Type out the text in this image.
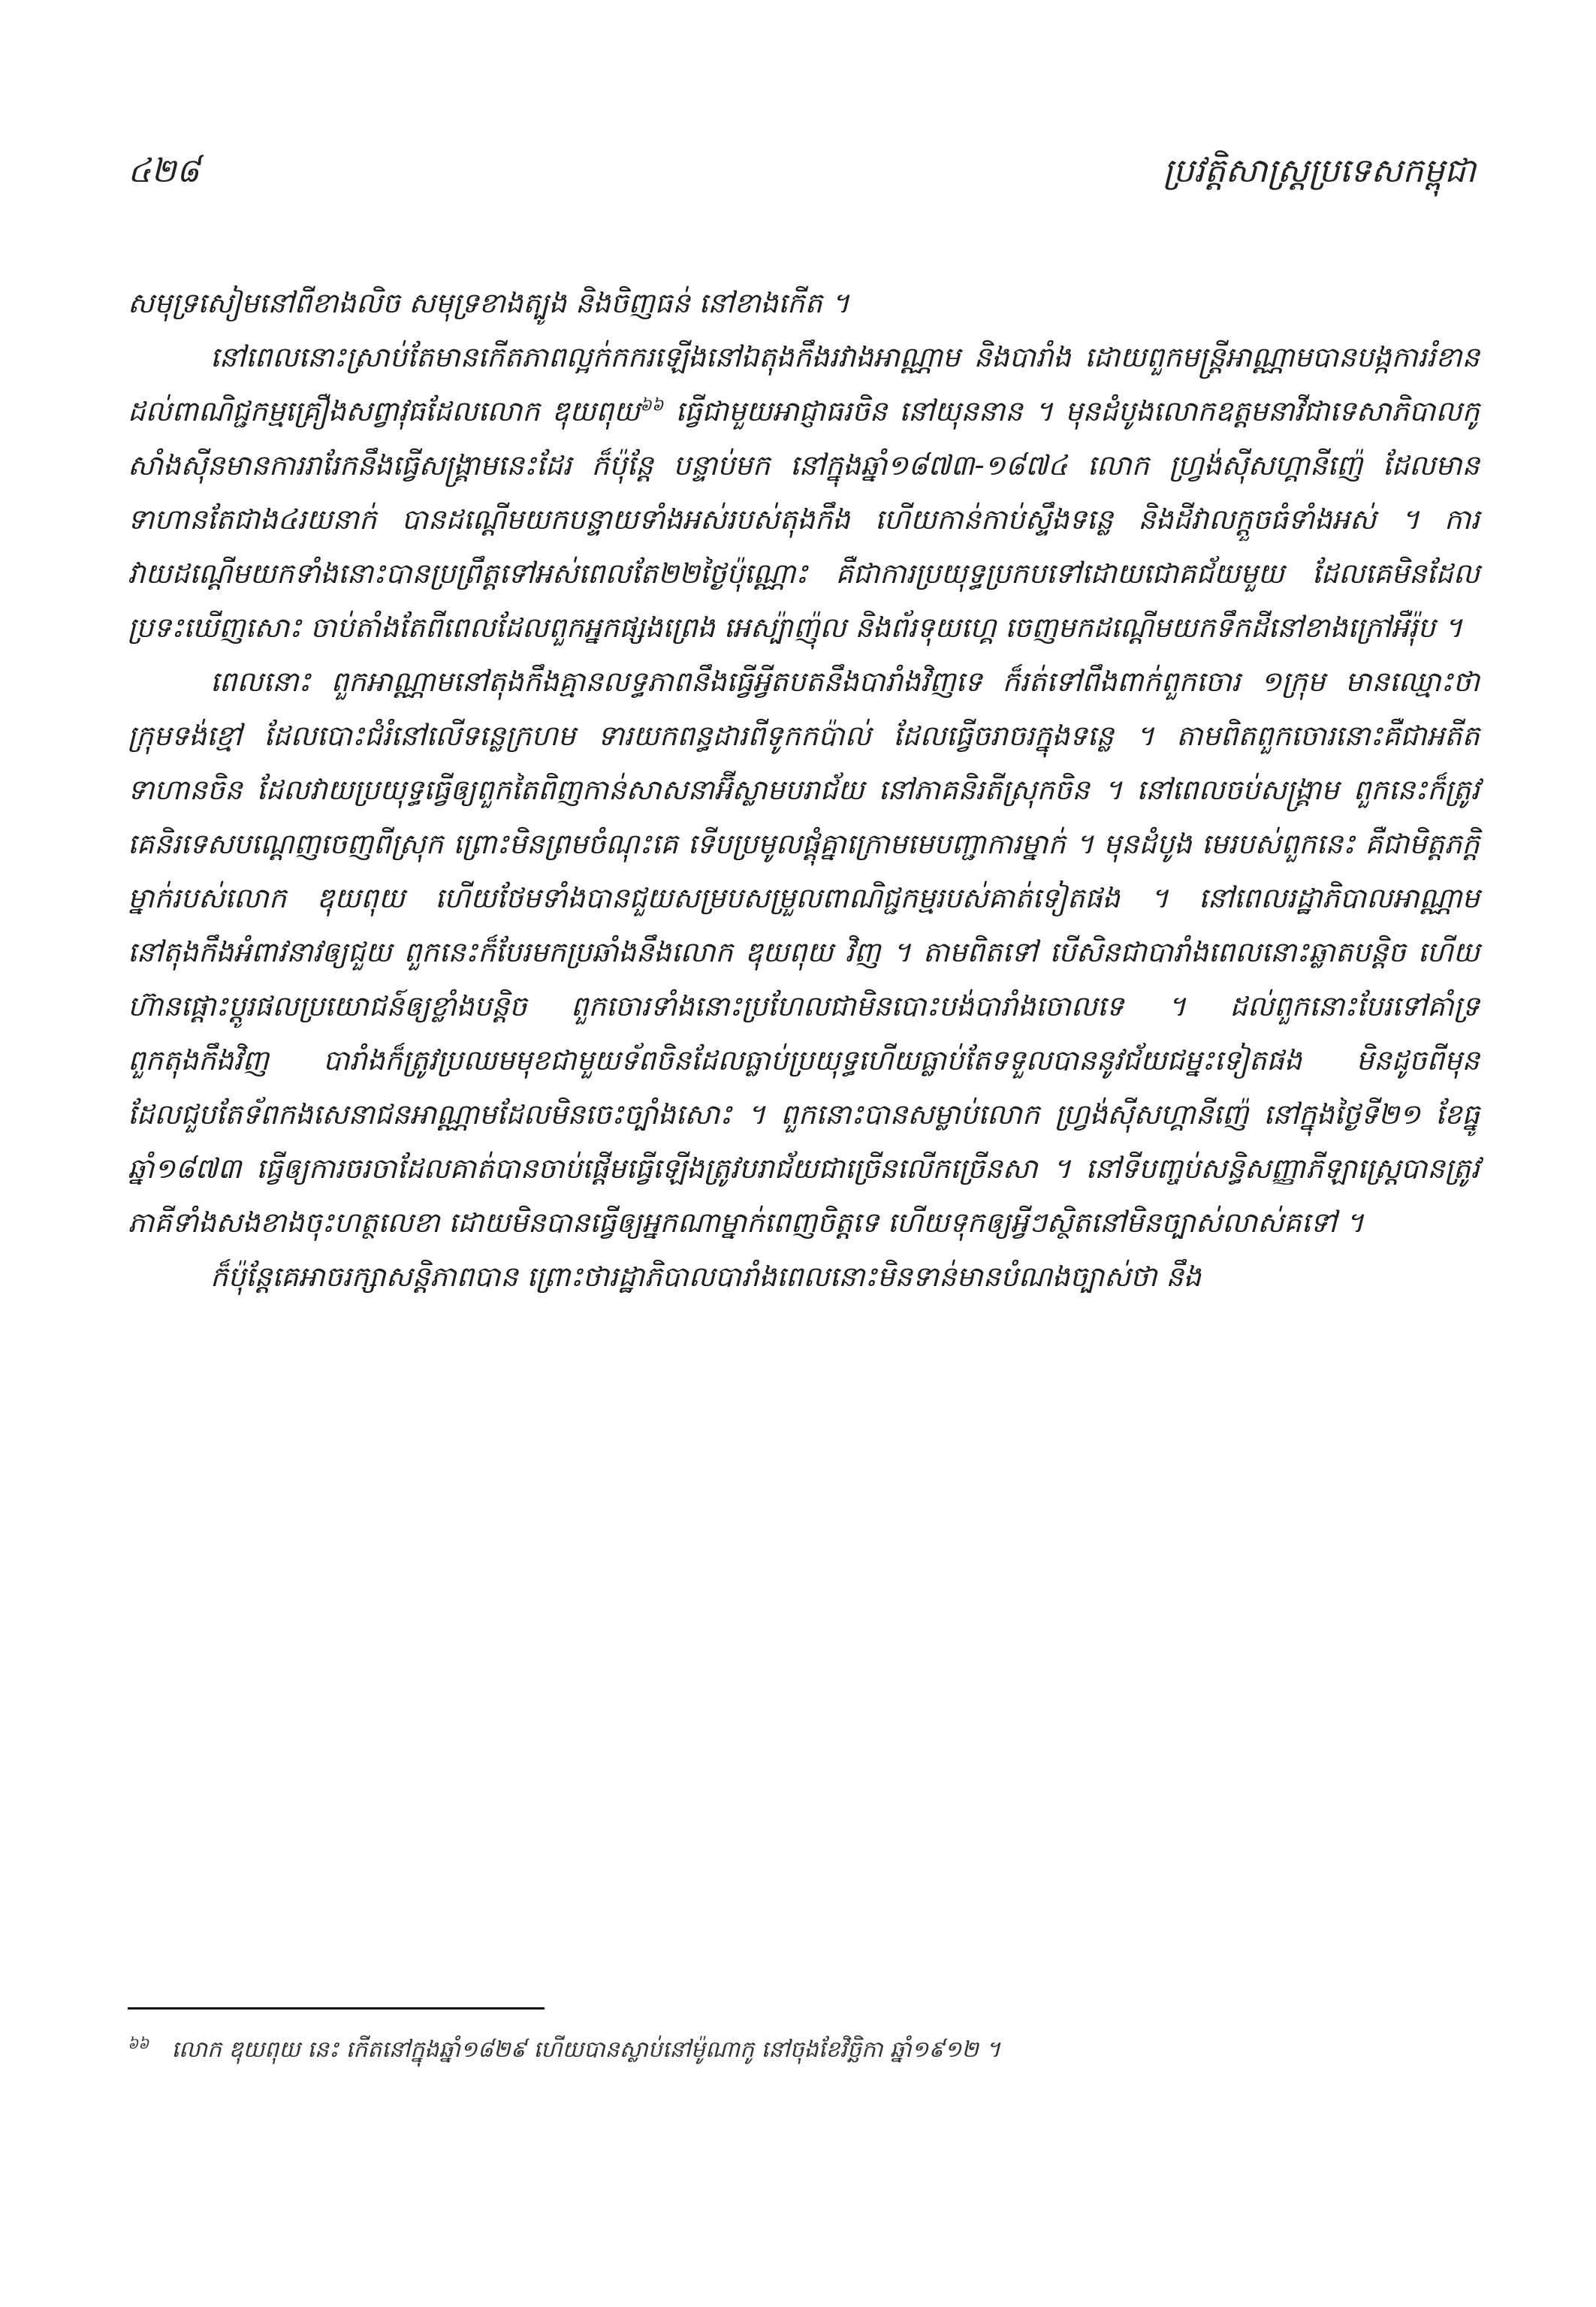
៤២៨	ប្រវត្តិសាស្ត្រប្រទេសកម្ពុជា

សមុទ្រសៀមនៅពីខាងលិច សមុទ្រខាងត្បូង និងចិញធន់ នៅខាងកើត ។

នៅពេលនោះស្រាប់តែមានកើតភាពល្អក់កករឡើងនៅឯតុងកឹងរវាងអាណ្ណាម និងបារាំង ដោយពួកមន្ត្រីអាណ្ណាមបានបង្កការរំខានដល់ពាណិជ្ជកម្មគ្រឿងសព្វាវុធដែលលោក ឌុយពុយ$^{៦៦}$ ធ្វើជាមួយអាជ្ញាធរចិន នៅយុននាន ។ មុនដំបូងលោកឧត្តមនាវីជាទេសាភិបាលកូសាំងស៊ីនមានការរារែកនឹងធ្វើសង្គ្រាមនេះដែរ ក៏ប៉ុន្តែ បន្ទាប់មក នៅក្នុងឆ្នាំ១៨៧៣-១៨៧៤ លោក ហ្វ្រង់ស៊ីសហ្គានីញ៉េ ដែលមានទាហានតែជាង៤រយនាក់ បានដណ្តើមយកបន្ទាយទាំងអស់របស់តុងកឹង ហើយកាន់កាប់ស្ទឹងទន្លេ និងដីវាលក្តួចធំទាំងអស់ ។ ការវាយដណ្តើមយកទាំងនោះបានប្រព្រឹត្តទៅអស់ពេលតែ២២ថ្ងៃប៉ុណ្ណោះ គឺជាការប្រយុទ្ធប្រកបទៅដោយជោគជ័យមួយ ដែលគេមិនដែលប្រទះឃើញសោះ ចាប់តាំងតែពីពេលដែលពួកអ្នកផ្សងព្រេង អេស្ប៉ាញ៉ុល និងព័រទុយហ្គេ ចេញមកដណ្តើមយកទឹកដីនៅខាងក្រៅអឺរ៉ុប ។

ពេលនោះ ពួកអាណ្ណាមនៅតុងកឹងគ្មានលទ្ធភាពនឹងធ្វើអ្វីតបតនឹងបារាំងវិញទេ ក៏រត់ទៅពឹងពាក់ពួកចោរ ១ក្រុម មានឈ្មោះថា ក្រុមទង់ខ្មៅ ដែលបោះជំរំនៅលើទន្លេក្រហម ទារយកពន្ធដារពីទូកកប៉ាល់ ដែលធ្វើចរាចរក្នុងទន្លេ ។ តាមពិតពួកចោរនោះគឺជាអតីតទាហានចិន ដែលវាយប្រយុទ្ធធ្វើឲ្យពួកតៃពិញកាន់សាសនាអ៊ីស្លាមបរាជ័យ នៅភាគនិរតីស្រុកចិន ។ នៅពេលចប់សង្គ្រាម ពួកនេះក៏ត្រូវគេនិរទេសបណ្តេញចេញពីស្រុក ព្រោះមិនព្រមចំណុះគេ ទើបប្រមូលផ្តុំគ្នាក្រោមមេបញ្ជាការម្នាក់ ។ មុនដំបូង មេរបស់ពួកនេះ គឺជាមិត្តភក្តិម្នាក់របស់លោក ឌុយពុយ ហើយថែមទាំងបានជួយសម្របសម្រួលពាណិជ្ជកម្មរបស់គាត់ទៀតផង ។ នៅពេលរដ្ឋាភិបាលអាណ្ណាមនៅតុងកឹងអំពាវនាវឲ្យជួយ ពួកនេះក៏បែរមកប្រឆាំងនឹងលោក ឌុយពុយ វិញ ។ តាមពិតទៅ បើសិនជាបារាំងពេលនោះឆ្លាតបន្តិច ហើយហ៊ានផ្តោះប្តូរផលប្រយោជន៍ឲ្យខ្លាំងបន្តិច ពួកចោរទាំងនោះប្រហែលជាមិនបោះបង់បារាំងចោលទេ ។ ដល់ពួកនោះបែរទៅគាំទ្រពួកតុងកឹងវិញ បារាំងក៏ត្រូវប្រឈមមុខជាមួយទ័ពចិនដែលធ្លាប់ប្រយុទ្ធហើយធ្លាប់តែទទួលបាននូវជ័យជម្នះទៀតផង មិនដូចពីមុន ដែលជួបតែទ័ពកងសេនាជនអាណ្ណាមដែលមិនចេះច្បាំងសោះ ។ ពួកនោះបានសម្លាប់លោក ហ្វ្រង់ស៊ីសហ្គានីញ៉េ នៅក្នុងថ្ងៃទី២១ ខែធ្នូ ឆ្នាំ១៨៧៣ ធ្វើឲ្យការចរចាដែលគាត់បានចាប់ផ្តើមធ្វើឡើងត្រូវបរាជ័យជាច្រើនលើកច្រើនសា ។ នៅទីបញ្ចប់សន្ធិសញ្ញាភីឡាស្ត្រេបានត្រូវភាគីទាំងសងខាងចុះហត្ថលេខា ដោយមិនបានធ្វើឲ្យអ្នកណាម្នាក់ពេញចិត្តទេ ហើយទុកឲ្យអ្វីៗស្ថិតនៅមិនច្បាស់លាស់គទៅ ។

ក៏ប៉ុន្តែគេអាចរក្សាសន្តិភាពបាន ព្រោះថារដ្ឋាភិបាលបារាំងពេលនោះមិនទាន់មានបំណងច្បាស់ថា នឹង

$^{៦៦}$ លោក ឌុយពុយ នេះ កើតនៅក្នុងឆ្នាំ១៨២៩ ហើយបានស្លាប់នៅម៉ូណាកូ នៅចុងខែវិច្ឆិកា ឆ្នាំ១៩១២ ។
